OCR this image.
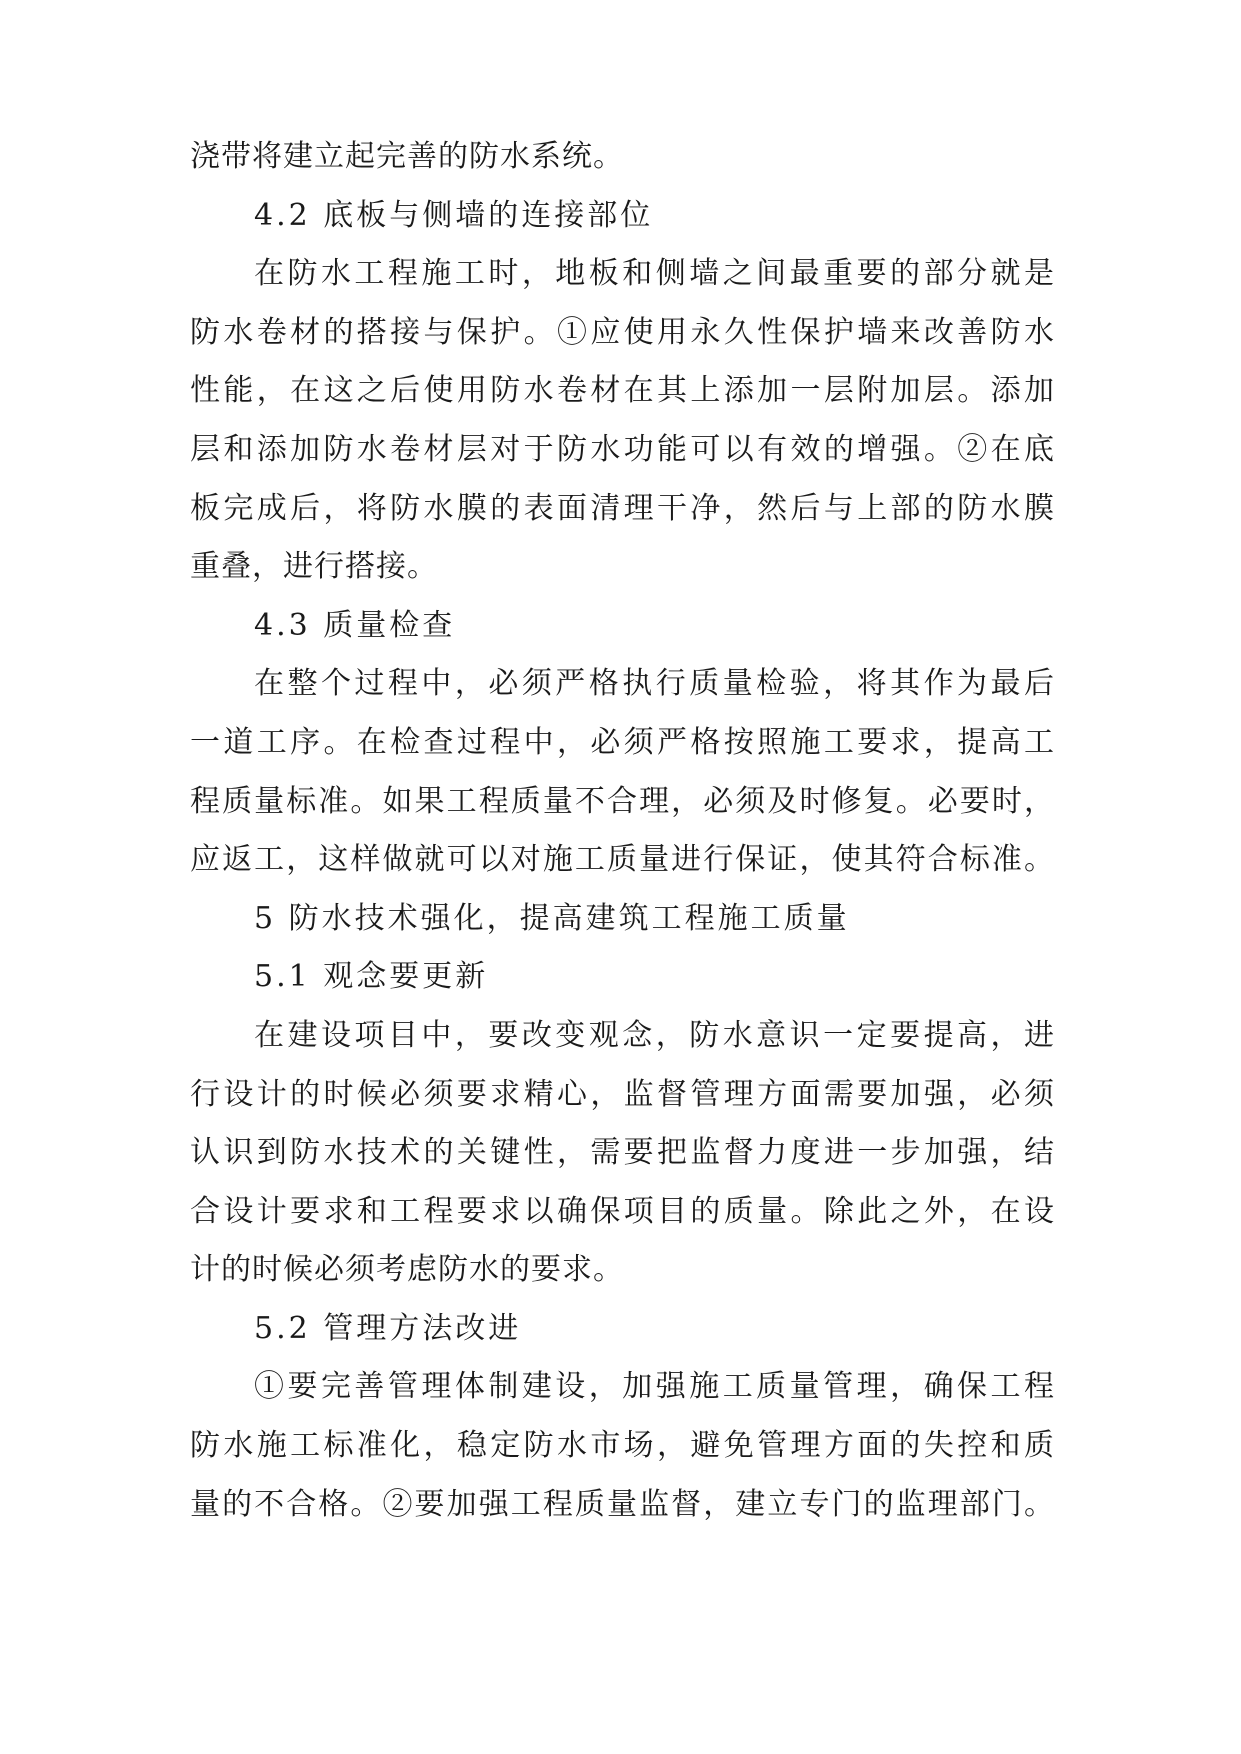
浇带将建立起完善的防水系统。

4.2 底板与侧墙的连接部位

在防水工程施工时，地板和侧墙之间最重要的部分就是

防水卷材的搭接与保护。①应使用永久性保护墙来改善防水

性能，在这之后使用防水卷材在其上添加一层附加层。添加

层和添加防水卷材层对于防水功能可以有效的增强。②在底

板完成后，将防水膜的表面清理干净，然后与上部的防水膜

重叠，进行搭接。

4.3 质量检查

在整个过程中，必须严格执行质量检验，将其作为最后

一道工序。在检查过程中，必须严格按照施工要求，提高工

程质量标准。如果工程质量不合理，必须及时修复。必要时，

应返工，这样做就可以对施工质量进行保证，使其符合标准。

5 防水技术强化，提高建筑工程施工质量

5.1 观念要更新

在建设项目中，要改变观念，防水意识一定要提高，进

行设计的时候必须要求精心，监督管理方面需要加强，必须

认识到防水技术的关键性，需要把监督力度进一步加强，结

合设计要求和工程要求以确保项目的质量。除此之外，在设

计的时候必须考虑防水的要求。

5.2 管理方法改进

①要完善管理体制建设，加强施工质量管理，确保工程

防水施工标准化，稳定防水市场，避免管理方面的失控和质

量的不合格。②要加强工程质量监督，建立专门的监理部门。
